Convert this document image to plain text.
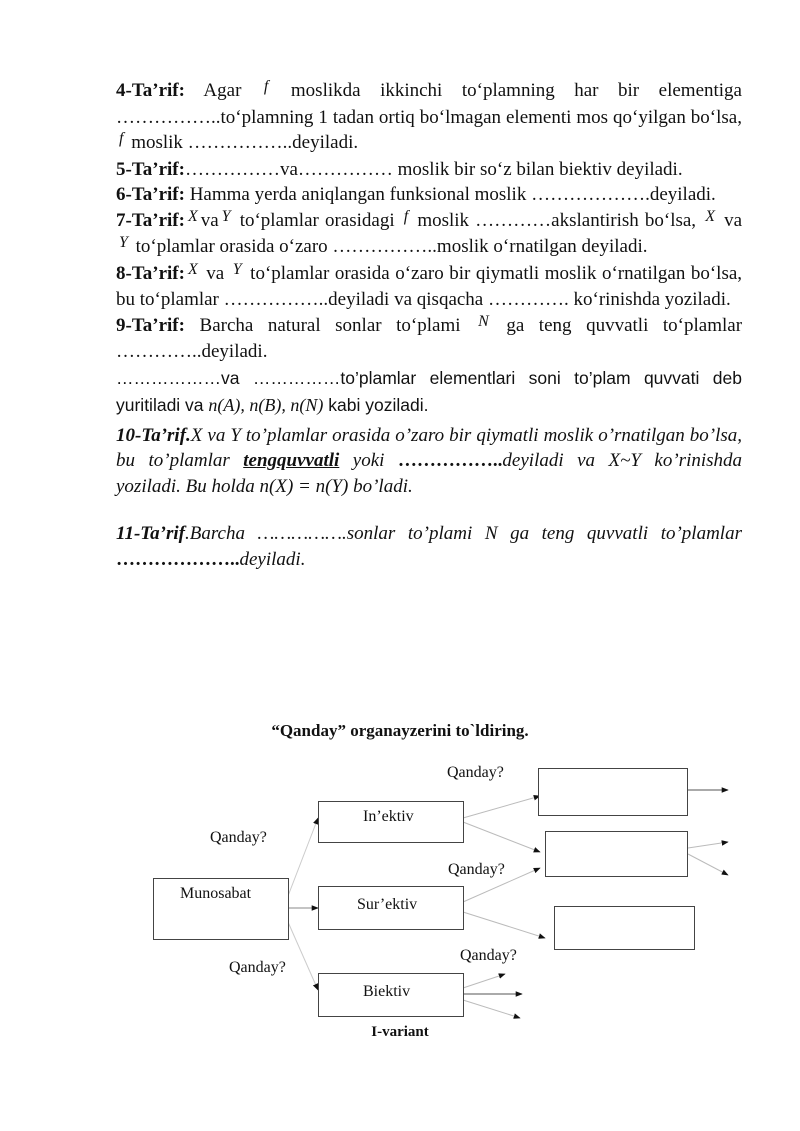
4-Ta’rif: Agar $^f$ moslikda ikkinchi to‘plamning har bir elementiga ……………..to‘plamning 1 tadan ortiq bo‘lmagan elementi mos qo‘yilgan bo‘lsa, $^f$ moslik ……………..deyiladi.

5-Ta’rif:……………va…………… moslik bir so‘z bilan biektiv deyiladi.

6-Ta’rif: Hamma yerda aniqlangan funksional moslik ……………….deyiladi.

7-Ta’rif: $^X$ va $^Y$ to‘plamlar orasidagi $^f$ moslik …………akslantirish bo‘lsa, $^X$ va $^Y$ to‘plamlar orasida o‘zaro ……………..moslik o‘rnatilgan deyiladi.

8-Ta’rif: $^X$ va $^Y$ to‘plamlar orasida o‘zaro bir qiymatli moslik o‘rnatilgan bo‘lsa, bu to‘plamlar ……………..deyiladi va qisqacha …………. ko‘rinishda yoziladi.

9-Ta’rif: Barcha natural sonlar to‘plami $^N$ ga teng quvvatli to‘plamlar …………..deyiladi.

………………va ……………to’plamlar elementlari soni to’plam quvvati deb yuritiladi va n(A), n(B), n(N) kabi yoziladi.

10-Ta’rif.X va Y to’plamlar orasida o’zaro bir qiymatli moslik o’rnatilgan bo’lsa, bu to’plamlar tengquvvatli yoki ……………..deyiladi va X~Y ko’rinishda yoziladi. Bu holda n(X) = n(Y) bo’ladi.

11-Ta’rif.Barcha …………….sonlar to’plami N ga teng quvvatli to’plamlar ………………..deyiladi.

“Qanday” organayzerini to`ldiring.
Munosabat
In’ektiv
Sur’ektiv
Biektiv
Qanday?
Qanday?
Qanday?
Qanday?
Qanday?
I-variant
